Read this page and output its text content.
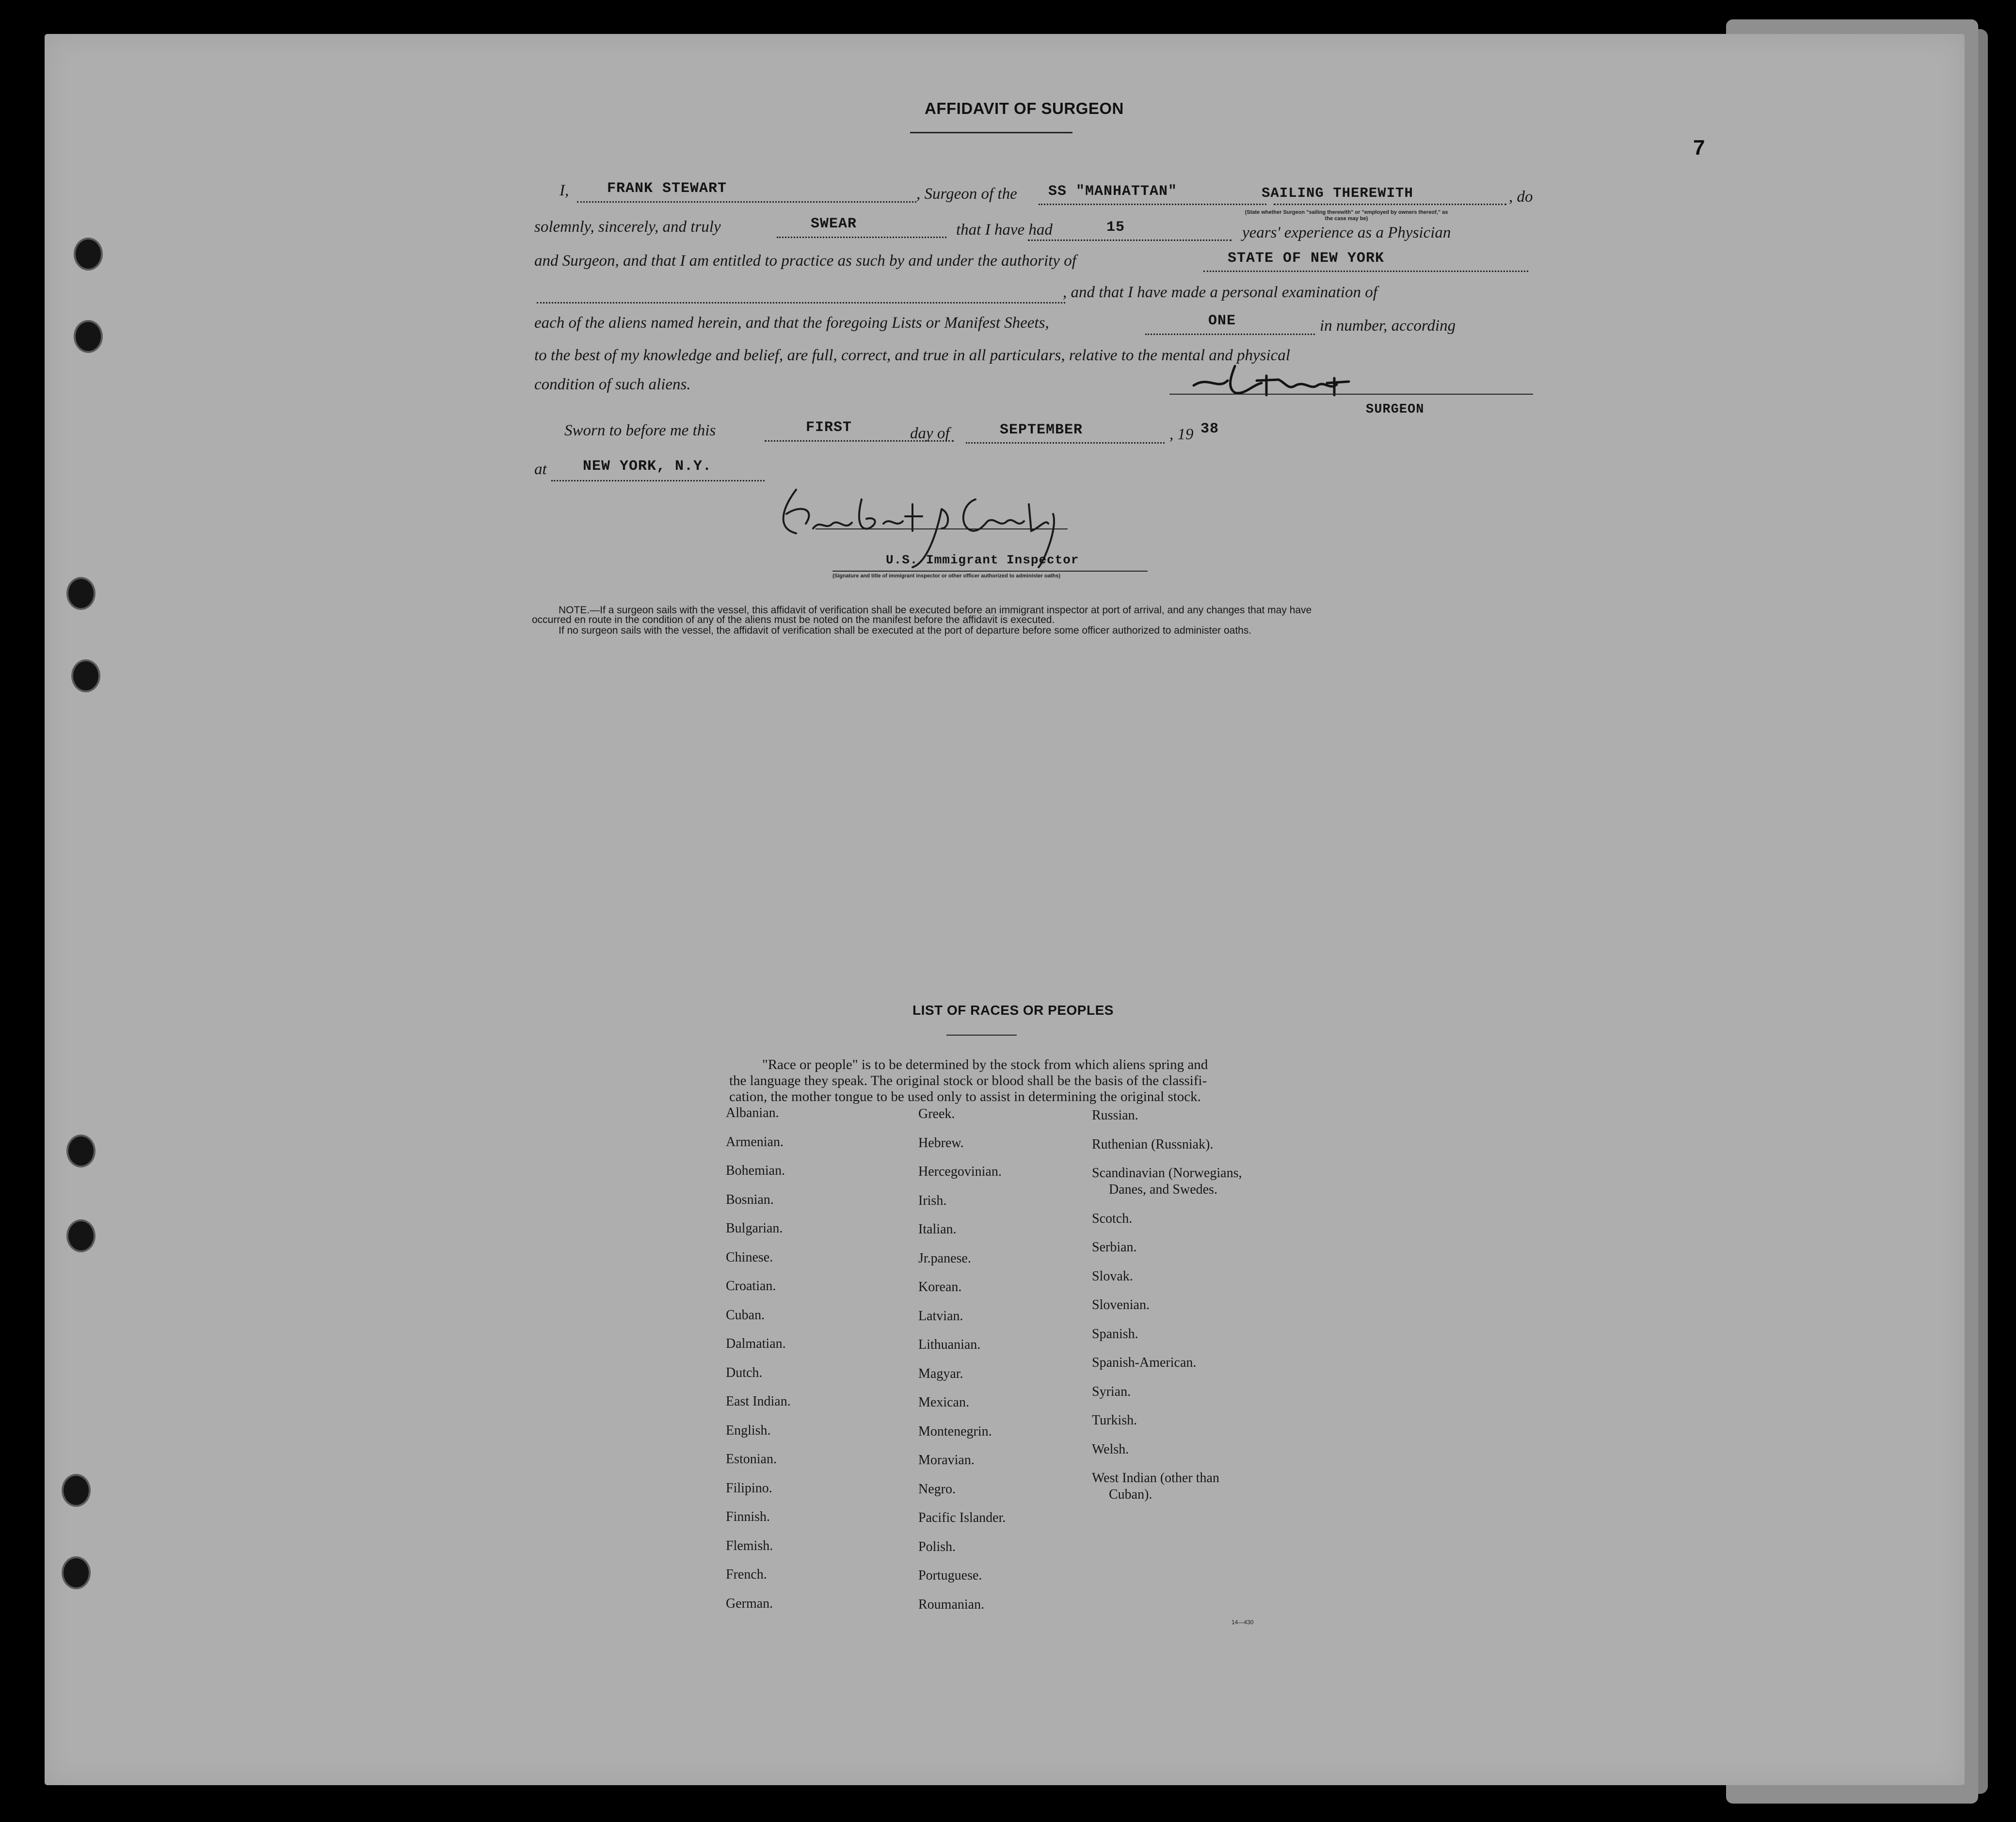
7
AFFIDAVIT OF SURGEON
I,	FRANK STEWART	, Surgeon of the SS "MANHATTAN"	SAILING THEREWITH	, do
(State whether Surgeon "sailing therewith" or "employed by owners thereof," as the case may be)
solemnly, sincerely, and truly	SWEAR	that I have had	15	years' experience as a Physician
and Surgeon, and that I am entitled to practice as such by and under the authority of	STATE OF NEW YORK
, and that I have made a personal examination of
each of the aliens named herein, and that the foregoing Lists or Manifest Sheets,	ONE	in number, according
to the best of my knowledge and belief, are full, correct, and true in all particulars, relative to the mental and physical
condition of such aliens.
SURGEON
Sworn to before me this	FIRST	day of	SEPTEMBER	, 19 38
at NEW YORK, N.Y.
U.S. Immigrant Inspector
(Signature and title of immigrant inspector or other officer authorized to administer oaths)
NOTE.—If a surgeon sails with the vessel, this affidavit of verification shall be executed before an immigrant inspector at port of arrival, and any changes that may have
occurred en route in the condition of any of the aliens must be noted on the manifest before the affidavit is executed.
If no surgeon sails with the vessel, the affidavit of verification shall be executed at the port of departure before some officer authorized to administer oaths.
LIST OF RACES OR PEOPLES
"Race or people" is to be determined by the stock from which aliens spring and
the language they speak. The original stock or blood shall be the basis of the classifi-
cation, the mother tongue to be used only to assist in determining the original stock.
Albanian.
Armenian.
Bohemian.
Bosnian.
Bulgarian.
Chinese.
Croatian.
Cuban.
Dalmatian.
Dutch.
East Indian.
English.
Estonian.
Filipino.
Finnish.
Flemish.
French.
German.
Greek.
Hebrew.
Hercegovinian.
Irish.
Italian.
Jr.panese.
Korean.
Latvian.
Lithuanian.
Magyar.
Mexican.
Montenegrin.
Moravian.
Negro.
Pacific Islander.
Polish.
Portuguese.
Roumanian.
Russian.
Ruthenian (Russniak).
Scandinavian (Norwegians,
Danes, and Swedes.
Scotch.
Serbian.
Slovak.
Slovenian.
Spanish.
Spanish-American.
Syrian.
Turkish.
Welsh.
West Indian (other than
Cuban).
14—430
